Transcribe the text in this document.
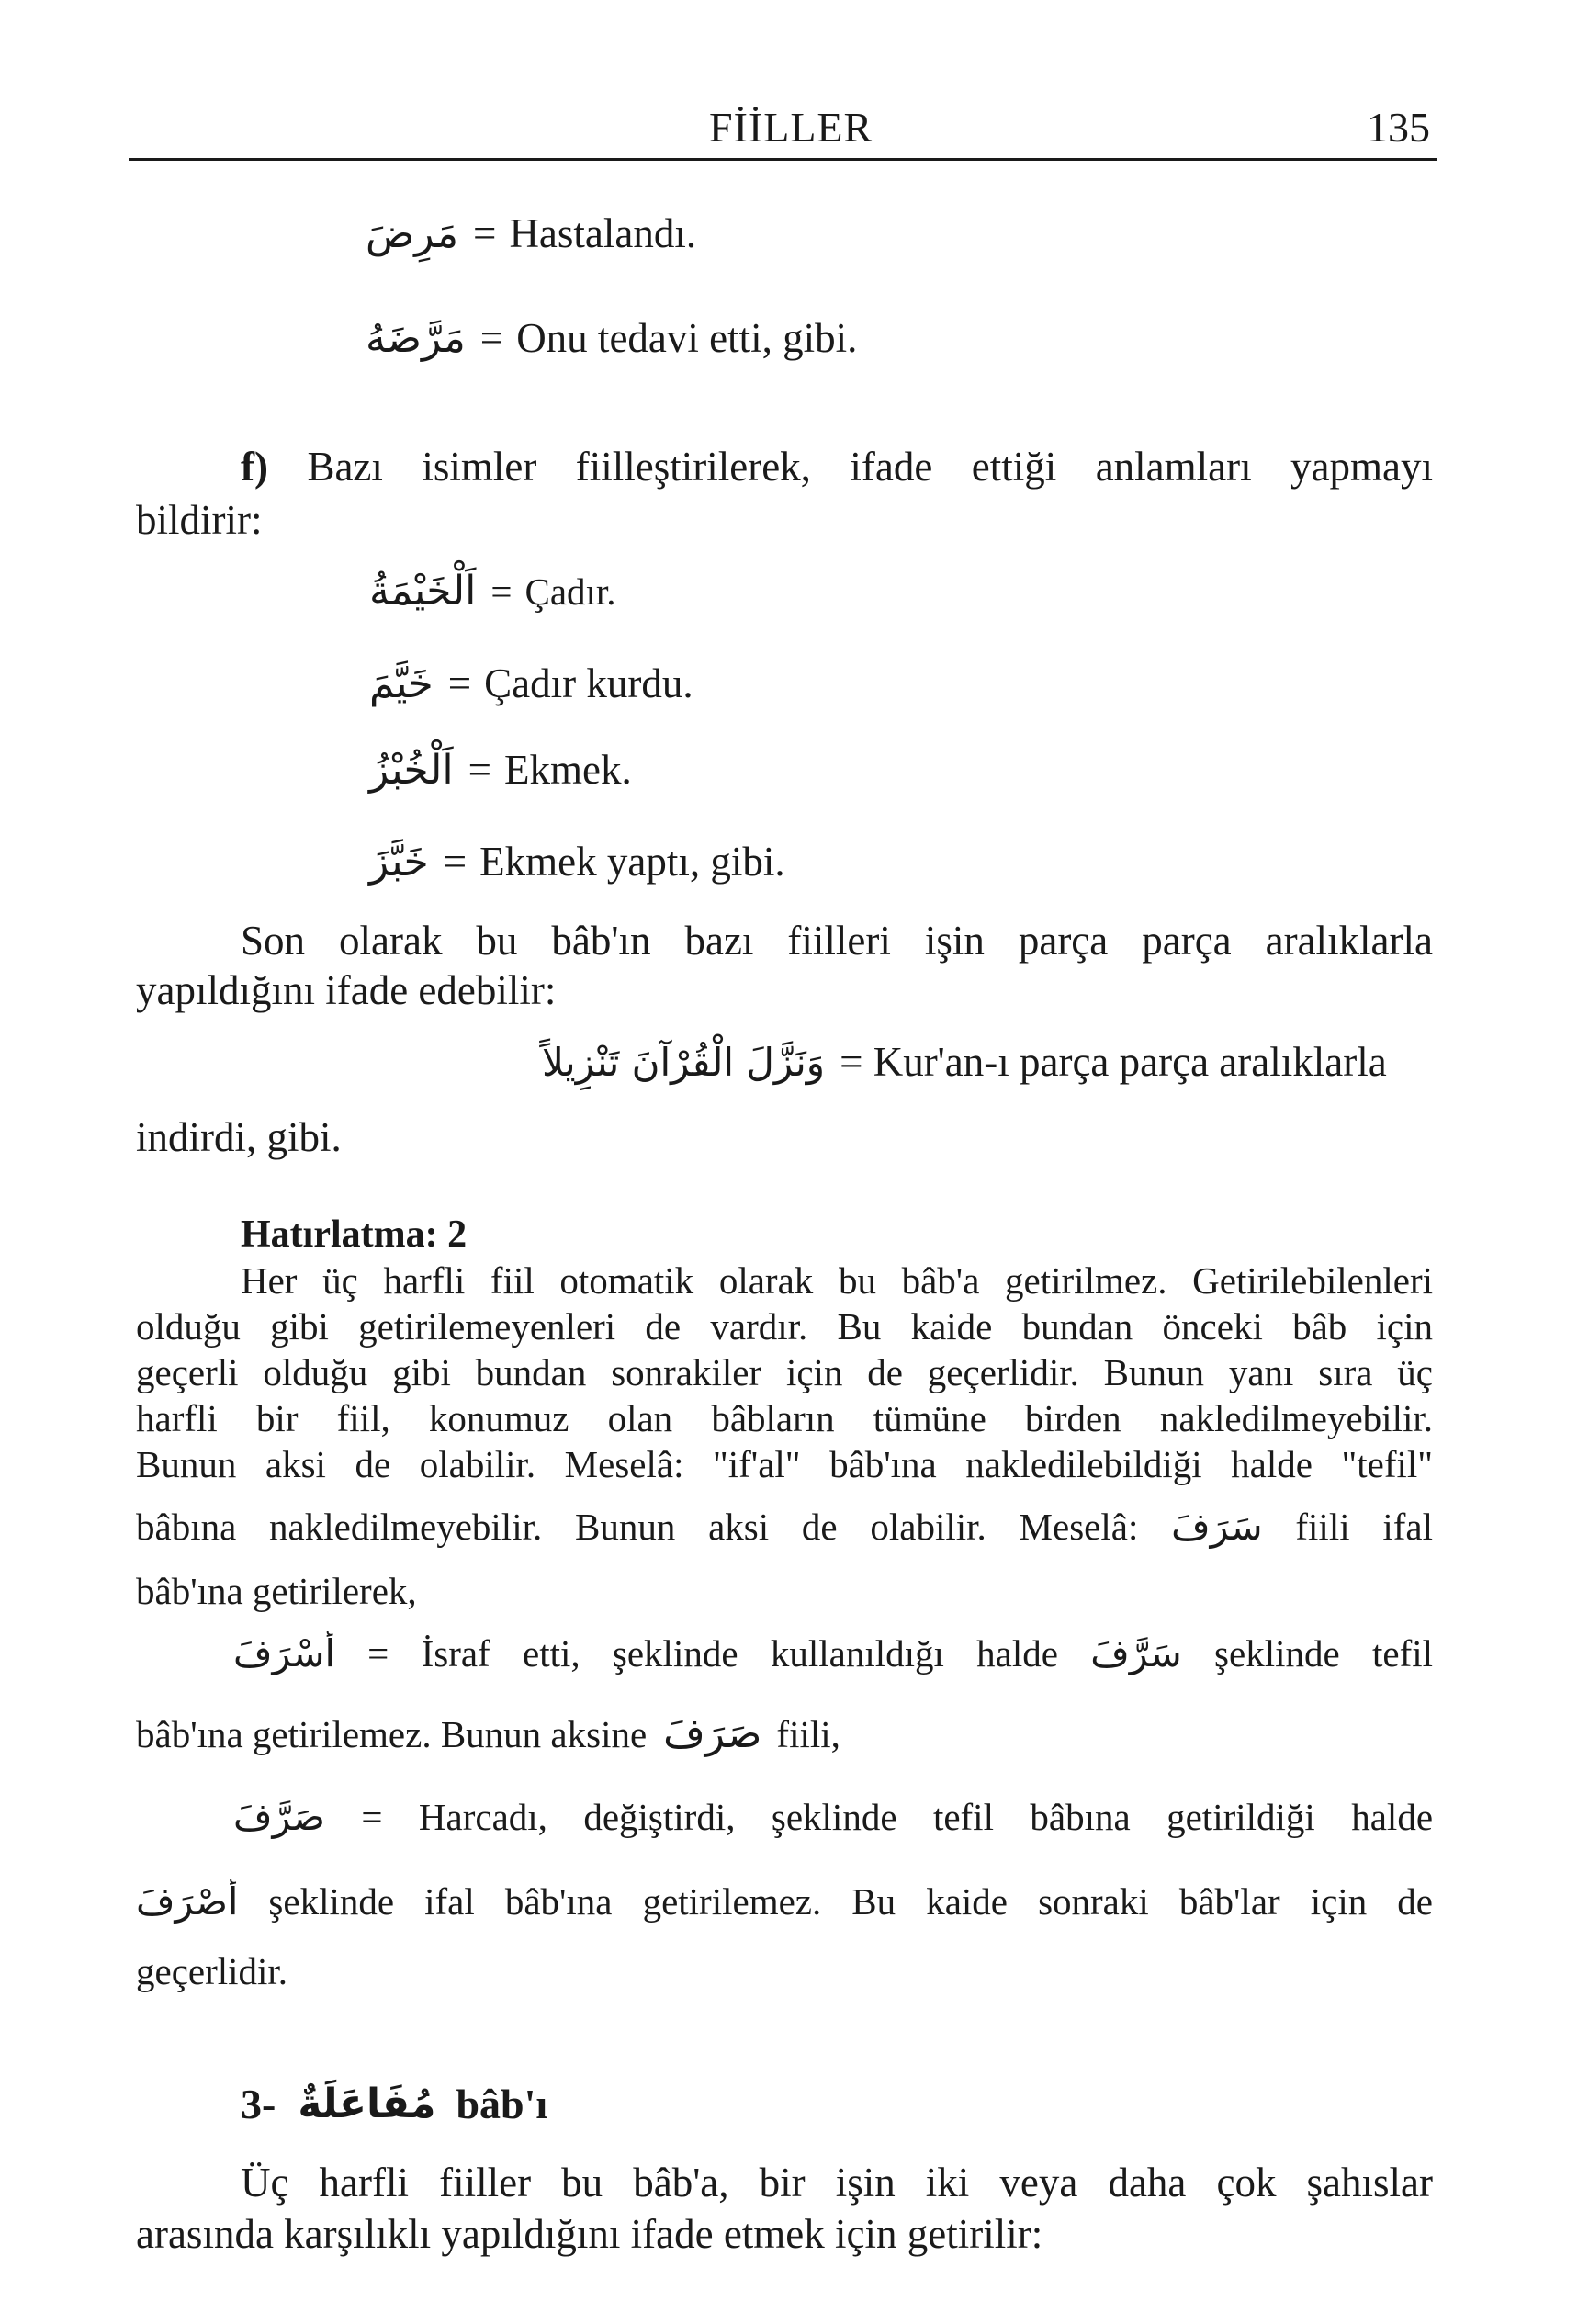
FİİLLER	135
مَرِضَ = Hastalandı.
مَرَّضَهُ = Onu tedavi etti, gibi.
f) Bazı isimler fiilleştirilerek, ifade ettiği anlamları yapmayı
bildirir:
اَلْخَيْمَةُ = Çadır.
خَيَّمَ = Çadır kurdu.
اَلْخُبْزُ = Ekmek.
خَبَّزَ = Ekmek yaptı, gibi.
Son olarak bu bâb'ın bazı fiilleri işin parça parça aralıklarla
yapıldığını ifade edebilir:
وَنَزَّلَ الْقُرْآنَ تَنْزِيلاً = Kur'an-ı parça parça aralıklarla
indirdi, gibi.
Hatırlatma: 2
Her üç harfli fiil otomatik olarak bu bâb'a getirilmez. Getirilebilenleri
olduğu gibi getirilemeyenleri de vardır. Bu kaide bundan önceki bâb için
geçerli olduğu gibi bundan sonrakiler için de geçerlidir. Bunun yanı sıra üç
harfli bir fiil, konumuz olan bâbların tümüne birden nakledilmeyebilir.
Bunun aksi de olabilir. Meselâ: "if'al" bâb'ına nakledilebildiği halde "tefil"
bâbına nakledilmeyebilir. Bunun aksi de olabilir. Meselâ: سَرَفَ fiili ifal
bâb'ına getirilerek,
أَسْرَفَ = İsraf etti, şeklinde kullanıldığı halde سَرَّفَ şeklinde tefil
bâb'ına getirilemez. Bunun aksine صَرَفَ fiili,
صَرَّفَ = Harcadı, değiştirdi, şeklinde tefil bâbına getirildiği halde
أَصْرَفَ şeklinde ifal bâb'ına getirilemez. Bu kaide sonraki bâb'lar için de
geçerlidir.
3- مُفَاعَلَةٌ bâb'ı
Üç harfli fiiller bu bâb'a, bir işin iki veya daha çok şahıslar
arasında karşılıklı yapıldığını ifade etmek için getirilir:
